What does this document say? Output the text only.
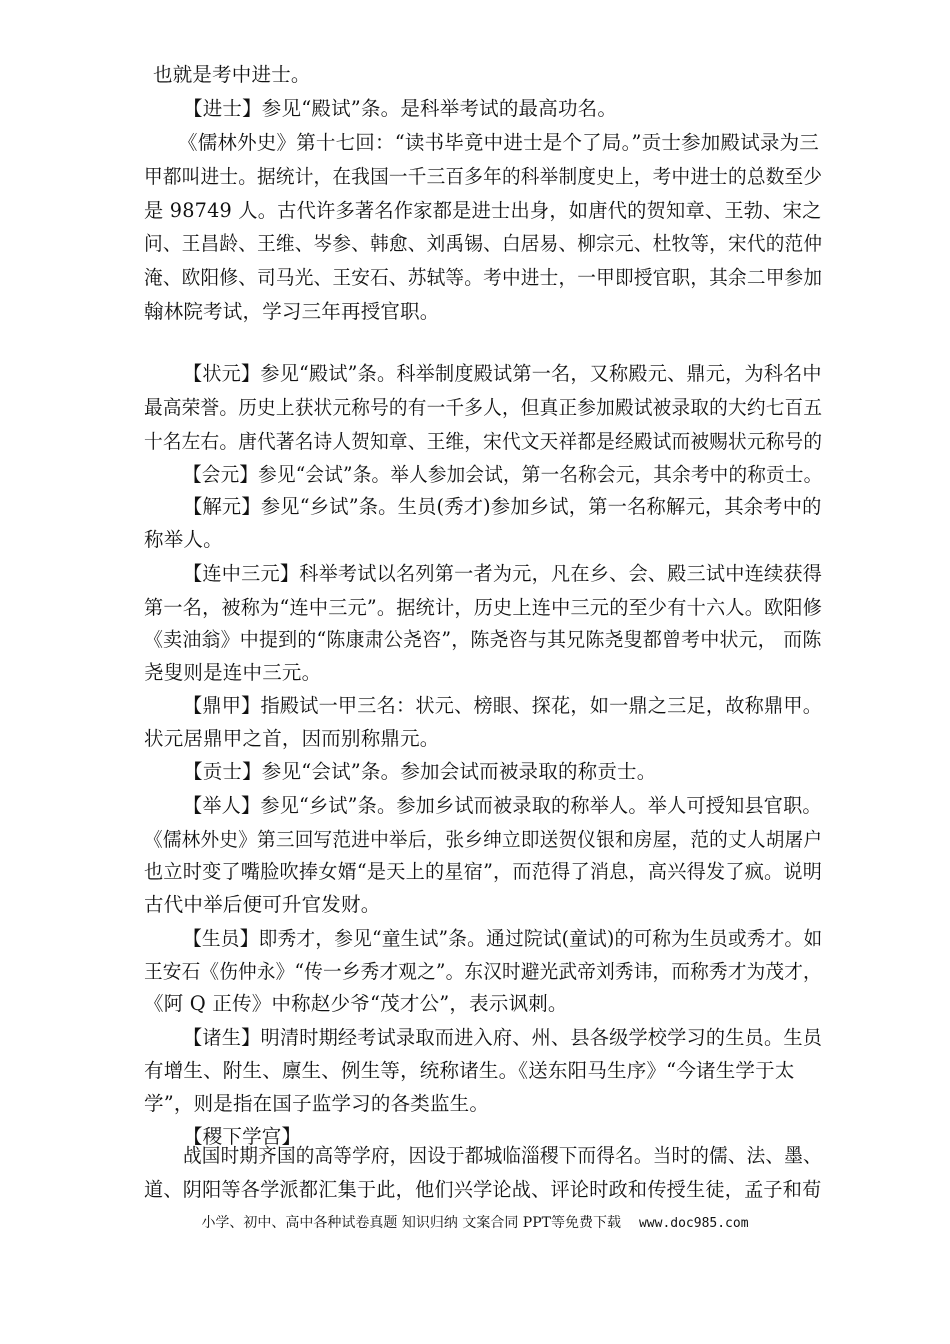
也就是考中进士。
【进士】参见“殿试”条。是科举考试的最高功名。
《儒林外史》第十七回：“读书毕竟中进士是个了局。”贡士参加殿试录为三
甲都叫进士。据统计，在我国一千三百多年的科举制度史上，考中进士的总数至少
是 98749 人。古代许多著名作家都是进士出身，如唐代的贺知章、王勃、宋之
问、王昌龄、王维、岑参、韩愈、刘禹锡、白居易、柳宗元、杜牧等，宋代的范仲
淹、欧阳修、司马光、王安石、苏轼等。考中进士，一甲即授官职，其余二甲参加
翰林院考试，学习三年再授官职。
【状元】参见“殿试”条。科举制度殿试第一名，又称殿元、鼎元，为科名中
最高荣誉。历史上获状元称号的有一千多人，但真正参加殿试被录取的大约七百五
十名左右。唐代著名诗人贺知章、王维，宋代文天祥都是经殿试而被赐状元称号的
【会元】参见“会试”条。举人参加会试，第一名称会元，其余考中的称贡士。
【解元】参见“乡试”条。生员(秀才)参加乡试，第一名称解元，其余考中的
称举人。
【连中三元】科举考试以名列第一者为元，凡在乡、会、殿三试中连续获得
第一名，被称为“连中三元”。据统计，历史上连中三元的至少有十六人。欧阳修
《卖油翁》中提到的“陈康肃公尧咨”，陈尧咨与其兄陈尧叟都曾考中状元， 而陈
尧叟则是连中三元。
【鼎甲】指殿试一甲三名：状元、榜眼、探花，如一鼎之三足，故称鼎甲。
状元居鼎甲之首，因而别称鼎元。
【贡士】参见“会试”条。参加会试而被录取的称贡士。
【举人】参见“乡试”条。参加乡试而被录取的称举人。举人可授知县官职。
《儒林外史》第三回写范进中举后，张乡绅立即送贺仪银和房屋，范的丈人胡屠户
也立时变了嘴脸吹捧女婿“是天上的星宿”，而范得了消息，高兴得发了疯。说明
古代中举后便可升官发财。
【生员】即秀才，参见“童生试”条。通过院试(童试)的可称为生员或秀才。如
王安石《伤仲永》“传一乡秀才观之”。东汉时避光武帝刘秀讳，而称秀才为茂才，
《阿 Q 正传》中称赵少爷“茂才公”，表示讽刺。
【诸生】明清时期经考试录取而进入府、州、县各级学校学习的生员。生员
有增生、附生、廪生、例生等，统称诸生。《送东阳马生序》“今诸生学于太
学”，则是指在国子监学习的各类监生。
【稷下学宫】
战国时期齐国的高等学府，因设于都城临淄稷下而得名。当时的儒、法、墨、
道、阴阳等各学派都汇集于此，他们兴学论战、评论时政和传授生徒，孟子和荀
小学、初中、高中各种试卷真题 知识归纳 文案合同 PPT等免费下载 www.doc985.com
